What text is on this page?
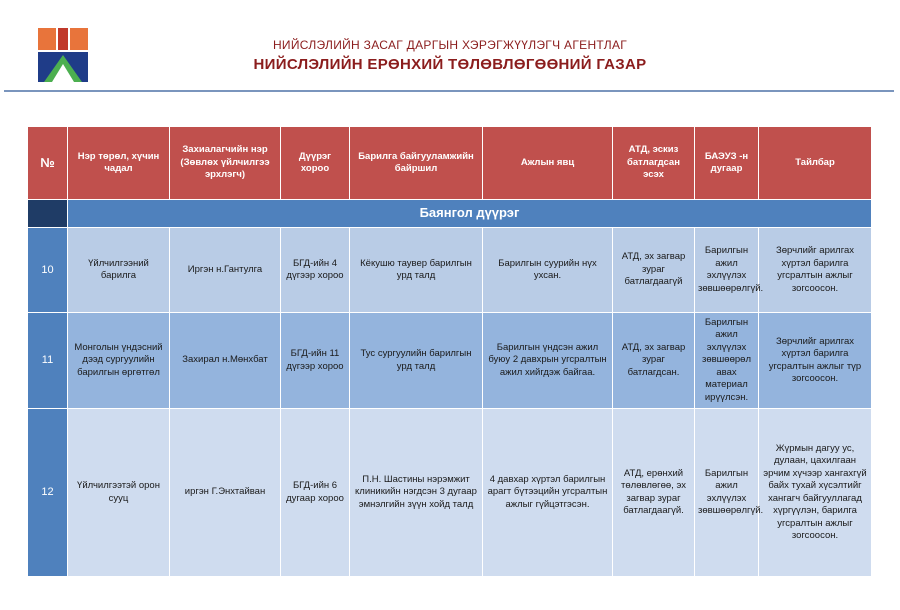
НИЙСЛЭЛИЙН ЗАСАГ ДАРГЫН ХЭРЭГЖҮҮЛЭГЧ АГЕНТЛАГ
НИЙСЛЭЛИЙН ЕРӨНХИЙ ТӨЛӨВЛӨГӨӨНИЙ ГАЗАР
№	Нэр төрөл, хүчин чадал	Захиалагчийн нэр (Зөвлөх үйлчилгээ эрхлэгч)	Дүүрэг хороо	Барилга байгууламжийн байршил	Ажлын явц	АТД, эскиз батлагдсан эсэх	БАЭУЗ -н дугаар	Тайлбар
	Баянгол дүүрэг							
10	Үйлчилгээний барилга	Иргэн н.Гантулга	БГД-ийн 4 дүгээр хороо	Кёкушю таувер барилгын урд талд	Барилгын суурийн нүх ухсан.	АТД, эх загвар зураг батлагдаагүй	Барилгын ажил эхлүүлэх зөвшөөрөлгүй.	Зөрчлийг арилгах хүртэл барилга угсралтын ажлыг зогсоосон.
11	Монголын үндэсний дээд сургуулийн барилгын өргөтгөл	Захирал н.Мөнхбат	БГД-ийн 11 дүгээр хороо	Тус сургуулийн барилгын урд талд	Барилгын үндсэн ажил буюу 2 давхрын угсралтын ажил хийгдэж байгаа.	АТД, эх загвар зураг батлагдсан.	Барилгын ажил эхлүүлэх зөвшөөрөл авах материал ирүүлсэн.	Зөрчлийг арилгах хүртэл барилга угсралтын ажлыг түр зогсоосон.
12	Үйлчилгээтэй орон сууц	иргэн Г.Энхтайван	БГД-ийн 6 дугаар хороо	П.Н. Шастины нэрэмжит клиникийн нэгдсэн 3 дугаар эмнэлгийн зүүн хойд талд	4 давхар хүртэл барилгын арагт бүтээцийн угсралтын ажлыг гүйцэтгэсэн.	АТД, ерөнхий төлөвлөгөө, эх загвар зураг батлагдаагүй.	Барилгын ажил эхлүүлэх зөвшөөрөлгүй.	Жүрмын дагуу ус, дулаан, цахилгаан эрчим хүчээр хангахгүй байх тухай хүсэлтийг хангагч байгууллагад хүргүүлэн, барилга угсралтын ажлыг зогсоосон.
